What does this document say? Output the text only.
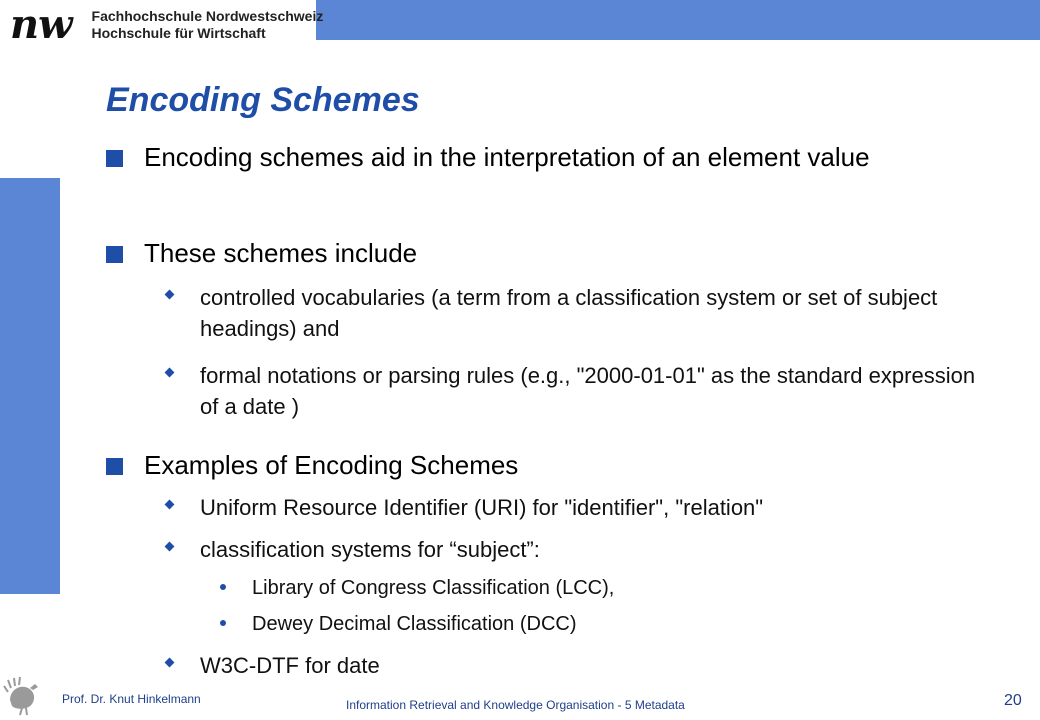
nw Fachhochschule Nordwestschweiz
Hochschule für Wirtschaft
Encoding Schemes
Encoding schemes aid in the interpretation of an element value
These schemes include
controlled vocabularies (a term from a classification system or set of subject headings) and
formal notations or parsing rules (e.g., "2000-01-01" as the standard expression of a date )
Examples of Encoding Schemes
Uniform Resource Identifier (URI) for "identifier", "relation"
classification systems for “subject”:
Library of Congress Classification (LCC),
Dewey Decimal Classification (DCC)
W3C-DTF for date
Prof. Dr. Knut Hinkelmann	Information Retrieval and Knowledge Organisation - 5 Metadata	20
